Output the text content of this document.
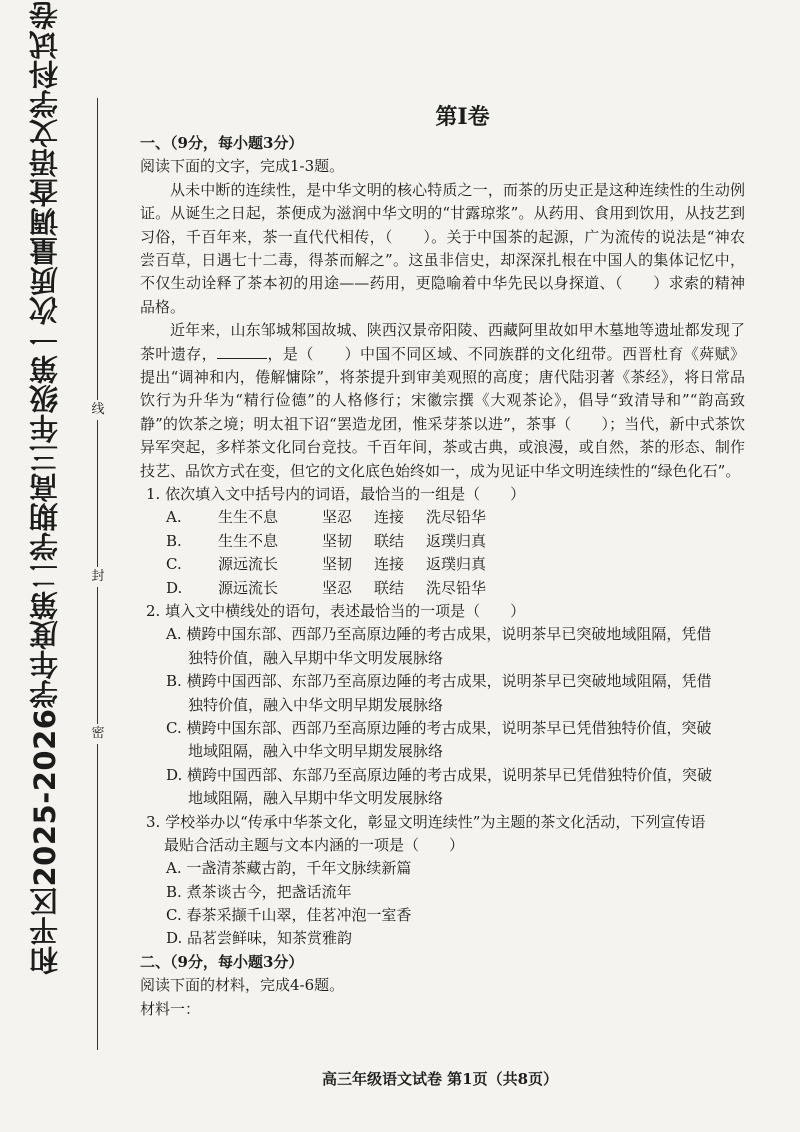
线
封
密
和平区2025-2026学年度第二学期高三年级第一次质量调查语文学科试卷	第Ⅰ卷
一、（9分，每小题3分）
阅读下面的文字，完成1-3题。
从未中断的连续性，是中华文明的核心特质之一，而茶的历史正是这种连续性的生动例证。从诞生之日起，茶便成为滋润中华文明的“甘露琼浆”。从药用、食用到饮用，从技艺到习俗，千百年来，茶一直代代相传，（　　）。关于中国茶的起源，广为流传的说法是“神农尝百草，日遇七十二毒，得茶而解之”。这虽非信史，却深深扎根在中国人的集体记忆中，不仅生动诠释了茶本初的用途——药用，更隐喻着中华先民以身探道、（　　）求索的精神品格。
近年来，山东邹城邾国故城、陕西汉景帝阳陵、西藏阿里故如甲木墓地等遗址都发现了茶叶遗存，	，是（　　）中国不同区域、不同族群的文化纽带。西晋杜育《荈赋》提出“调神和内，倦解慵除”，将茶提升到审美观照的高度；唐代陆羽著《茶经》，将日常品饮行为升华为“精行俭德”的人格修行；宋徽宗撰《大观茶论》，倡导“致清导和”“韵高致静”的饮茶之境；明太祖下诏“罢造龙团，惟采芽茶以进”，茶事（　　）；当代，新中式茶饮异军突起，多样茶文化同台竞技。千百年间，茶或古典，或浪漫，或自然，茶的形态、制作技艺、品饮方式在变，但它的文化底色始终如一，成为见证中华文明连续性的“绿色化石”。
1. 依次填入文中括号内的词语，最恰当的一组是（　　）
A. 生生不息	坚忍 连接 洗尽铅华
B. 生生不息	坚韧 联结 返璞归真
C. 源远流长	坚韧 连接 返璞归真
D. 源远流长	坚忍 联结 洗尽铅华
2. 填入文中横线处的语句，表述最恰当的一项是（　　）
A. 横跨中国东部、西部乃至高原边陲的考古成果，说明茶早已突破地域阻隔，凭借
独特价值，融入早期中华文明发展脉络
B. 横跨中国西部、东部乃至高原边陲的考古成果，说明茶早已突破地域阻隔，凭借
独特价值，融入中华文明早期发展脉络
C. 横跨中国东部、西部乃至高原边陲的考古成果，说明茶早已凭借独特价值，突破
地域阻隔，融入中华文明早期发展脉络
D. 横跨中国西部、东部乃至高原边陲的考古成果，说明茶早已凭借独特价值，突破
地域阻隔，融入早期中华文明发展脉络
3. 学校举办以“传承中华茶文化，彰显文明连续性”为主题的茶文化活动，下列宣传语
最贴合活动主题与文本内涵的一项是（　　）
A. 一盏清茶藏古韵，千年文脉续新篇
B. 煮茶谈古今，把盏话流年
C. 春茶采撷千山翠，佳茗冲泡一室香
D. 品茗尝鲜味，知茶赏雅韵
二、（9分，每小题3分）
阅读下面的材料，完成4-6题。
材料一：
高三年级语文试卷 第1页（共8页）
